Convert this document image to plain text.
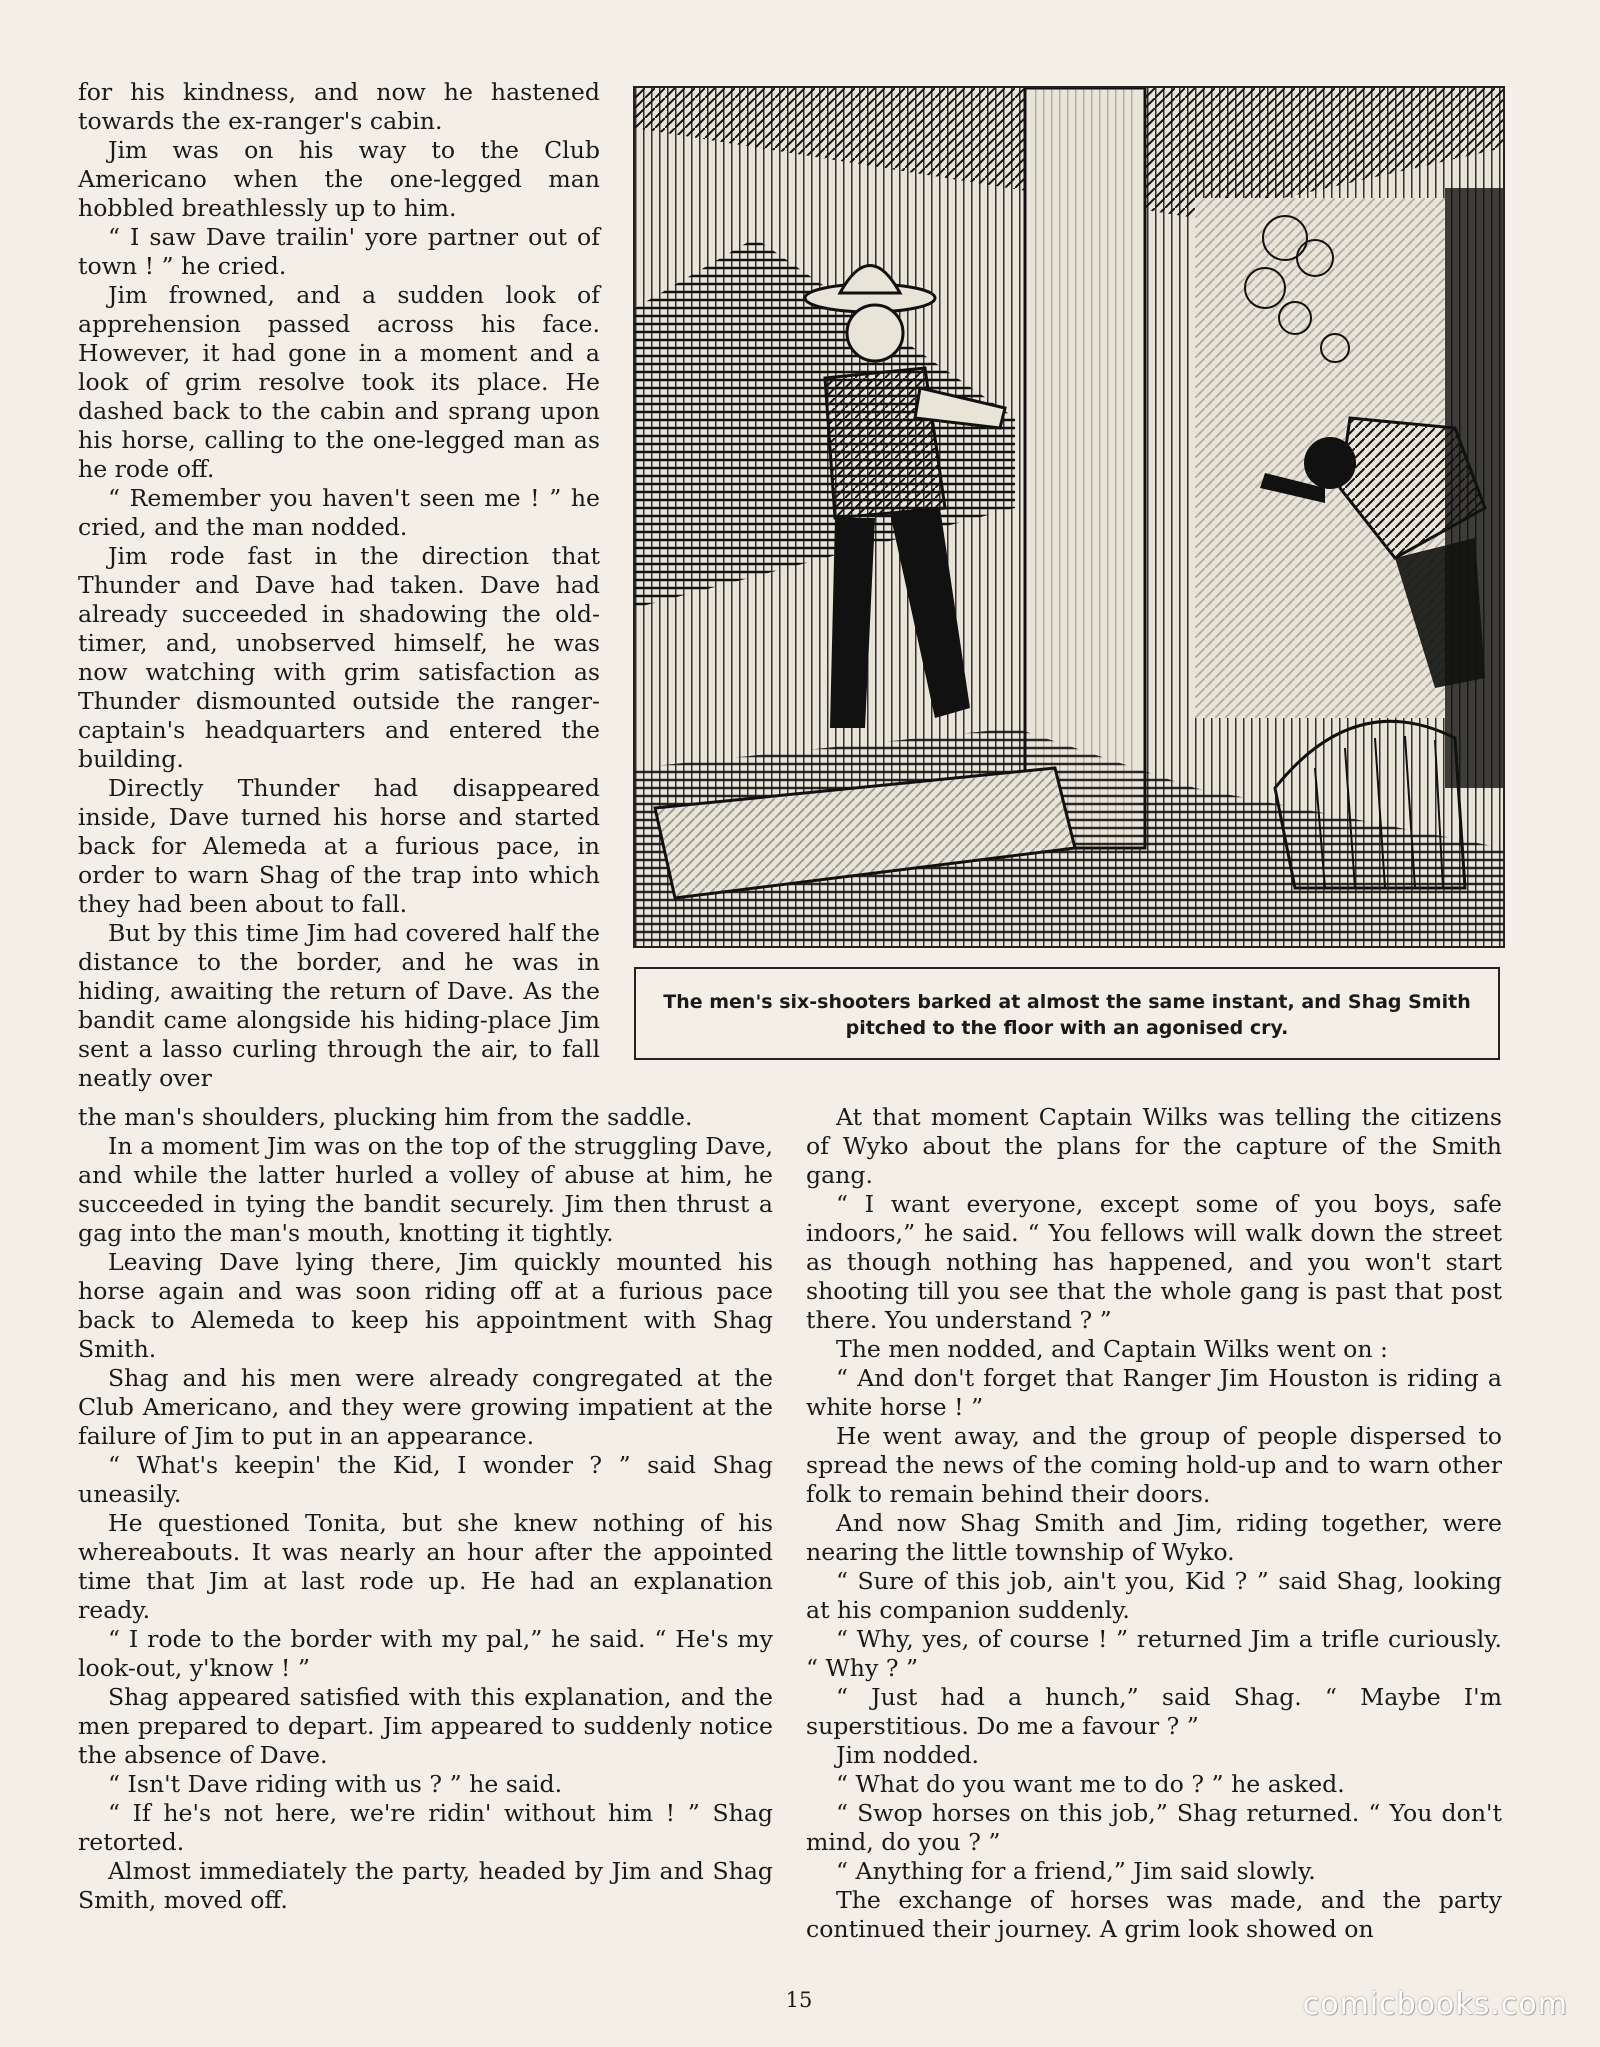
for his kindness, and now he hastened towards the ex-ranger's cabin.

Jim was on his way to the Club Americano when the one-legged man hobbled breathlessly up to him.

“ I saw Dave trailin' yore partner out of town ! ” he cried.

Jim frowned, and a sudden look of apprehension passed across his face. However, it had gone in a moment and a look of grim resolve took its place. He dashed back to the cabin and sprang upon his horse, calling to the one-legged man as he rode off.

“ Remember you haven't seen me ! ” he cried, and the man nodded.

Jim rode fast in the direction that Thunder and Dave had taken. Dave had already succeeded in shadowing the old-timer, and, unobserved himself, he was now watching with grim satisfaction as Thunder dismounted outside the ranger-captain's headquarters and entered the building.

Directly Thunder had disappeared inside, Dave turned his horse and started back for Alemeda at a furious pace, in order to warn Shag of the trap into which they had been about to fall.

But by this time Jim had covered half the distance to the border, and he was in hiding, awaiting the return of Dave. As the bandit came alongside his hiding-place Jim sent a lasso curling through the air, to fall neatly over

The men's six-shooters barked at almost the same instant, and Shag Smith pitched to the floor with an agonised cry.

the man's shoulders, plucking him from the saddle.

In a moment Jim was on the top of the struggling Dave, and while the latter hurled a volley of abuse at him, he succeeded in tying the bandit securely. Jim then thrust a gag into the man's mouth, knotting it tightly.

Leaving Dave lying there, Jim quickly mounted his horse again and was soon riding off at a furious pace back to Alemeda to keep his appointment with Shag Smith.

Shag and his men were already congregated at the Club Americano, and they were growing impatient at the failure of Jim to put in an appearance.

“ What's keepin' the Kid, I wonder ? ” said Shag uneasily.

He questioned Tonita, but she knew nothing of his whereabouts. It was nearly an hour after the appointed time that Jim at last rode up. He had an explanation ready.

“ I rode to the border with my pal,” he said. “ He's my look-out, y'know ! ”

Shag appeared satisfied with this explanation, and the men prepared to depart. Jim appeared to suddenly notice the absence of Dave.

“ Isn't Dave riding with us ? ” he said.

“ If he's not here, we're ridin' without him ! ” Shag retorted.

Almost immediately the party, headed by Jim and Shag Smith, moved off.

At that moment Captain Wilks was telling the citizens of Wyko about the plans for the capture of the Smith gang.

“ I want everyone, except some of you boys, safe indoors,” he said. “ You fellows will walk down the street as though nothing has happened, and you won't start shooting till you see that the whole gang is past that post there. You understand ? ”

The men nodded, and Captain Wilks went on :

“ And don't forget that Ranger Jim Houston is riding a white horse ! ”

He went away, and the group of people dispersed to spread the news of the coming hold-up and to warn other folk to remain behind their doors.

And now Shag Smith and Jim, riding together, were nearing the little township of Wyko.

“ Sure of this job, ain't you, Kid ? ” said Shag, looking at his companion suddenly.

“ Why, yes, of course ! ” returned Jim a trifle curiously. “ Why ? ”

“ Just had a hunch,” said Shag. “ Maybe I'm superstitious. Do me a favour ? ”

Jim nodded.

“ What do you want me to do ? ” he asked.

“ Swop horses on this job,” Shag returned. “ You don't mind, do you ? ”

“ Anything for a friend,” Jim said slowly.

The exchange of horses was made, and the party continued their journey. A grim look showed on

15	comicbooks.com
